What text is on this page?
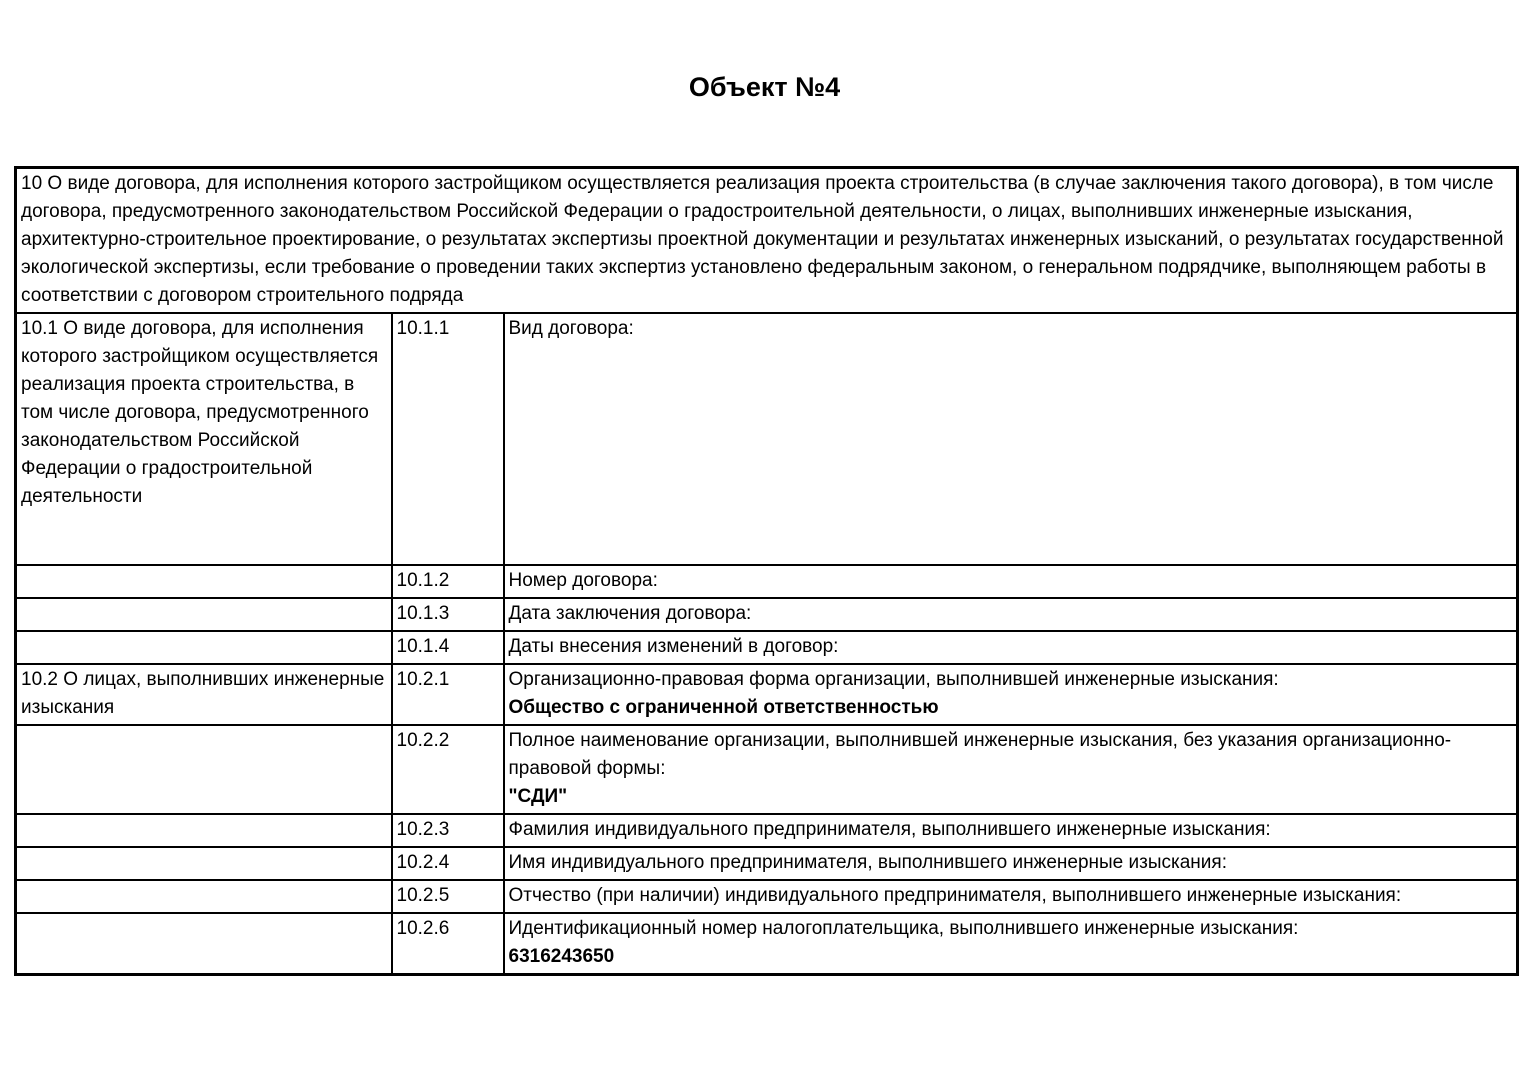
Объект №4
10 О виде договора, для исполнения которого застройщиком осуществляется реализация проекта строительства (в случае заключения такого договора), в том числе договора, предусмотренного законодательством Российской Федерации о градостроительной деятельности, о лицах, выполнивших инженерные изыскания, архитектурно-строительное проектирование, о результатах экспертизы проектной документации и результатах инженерных изысканий, о результатах государственной экологической экспертизы, если требование о проведении таких экспертиз установлено федеральным законом, о генеральном подрядчике, выполняющем работы в соответствии с договором строительного подряда		
10.1 О виде договора, для исполнения которого застройщиком осуществляется реализация проекта строительства, в том числе договора, предусмотренного законодательством Российской Федерации о градостроительной деятельности	10.1.1	Вид договора:

	10.1.2	Номер договора:

	10.1.3	Дата заключения договора:

	10.1.4	Даты внесения изменений в договор:

10.2 О лицах, выполнивших инженерные изыскания	10.2.1	Организационно-правовая форма организации, выполнившей инженерные изыскания:
Общество с ограниченной ответственностью

	10.2.2	Полное наименование организации, выполнившей инженерные изыскания, без указания организационно-правовой формы:
"СДИ"

	10.2.3	Фамилия индивидуального предпринимателя, выполнившего инженерные изыскания:

	10.2.4	Имя индивидуального предпринимателя, выполнившего инженерные изыскания:

	10.2.5	Отчество (при наличии) индивидуального предпринимателя, выполнившего инженерные изыскания:

	10.2.6	Идентификационный номер налогоплательщика, выполнившего инженерные изыскания:
6316243650
